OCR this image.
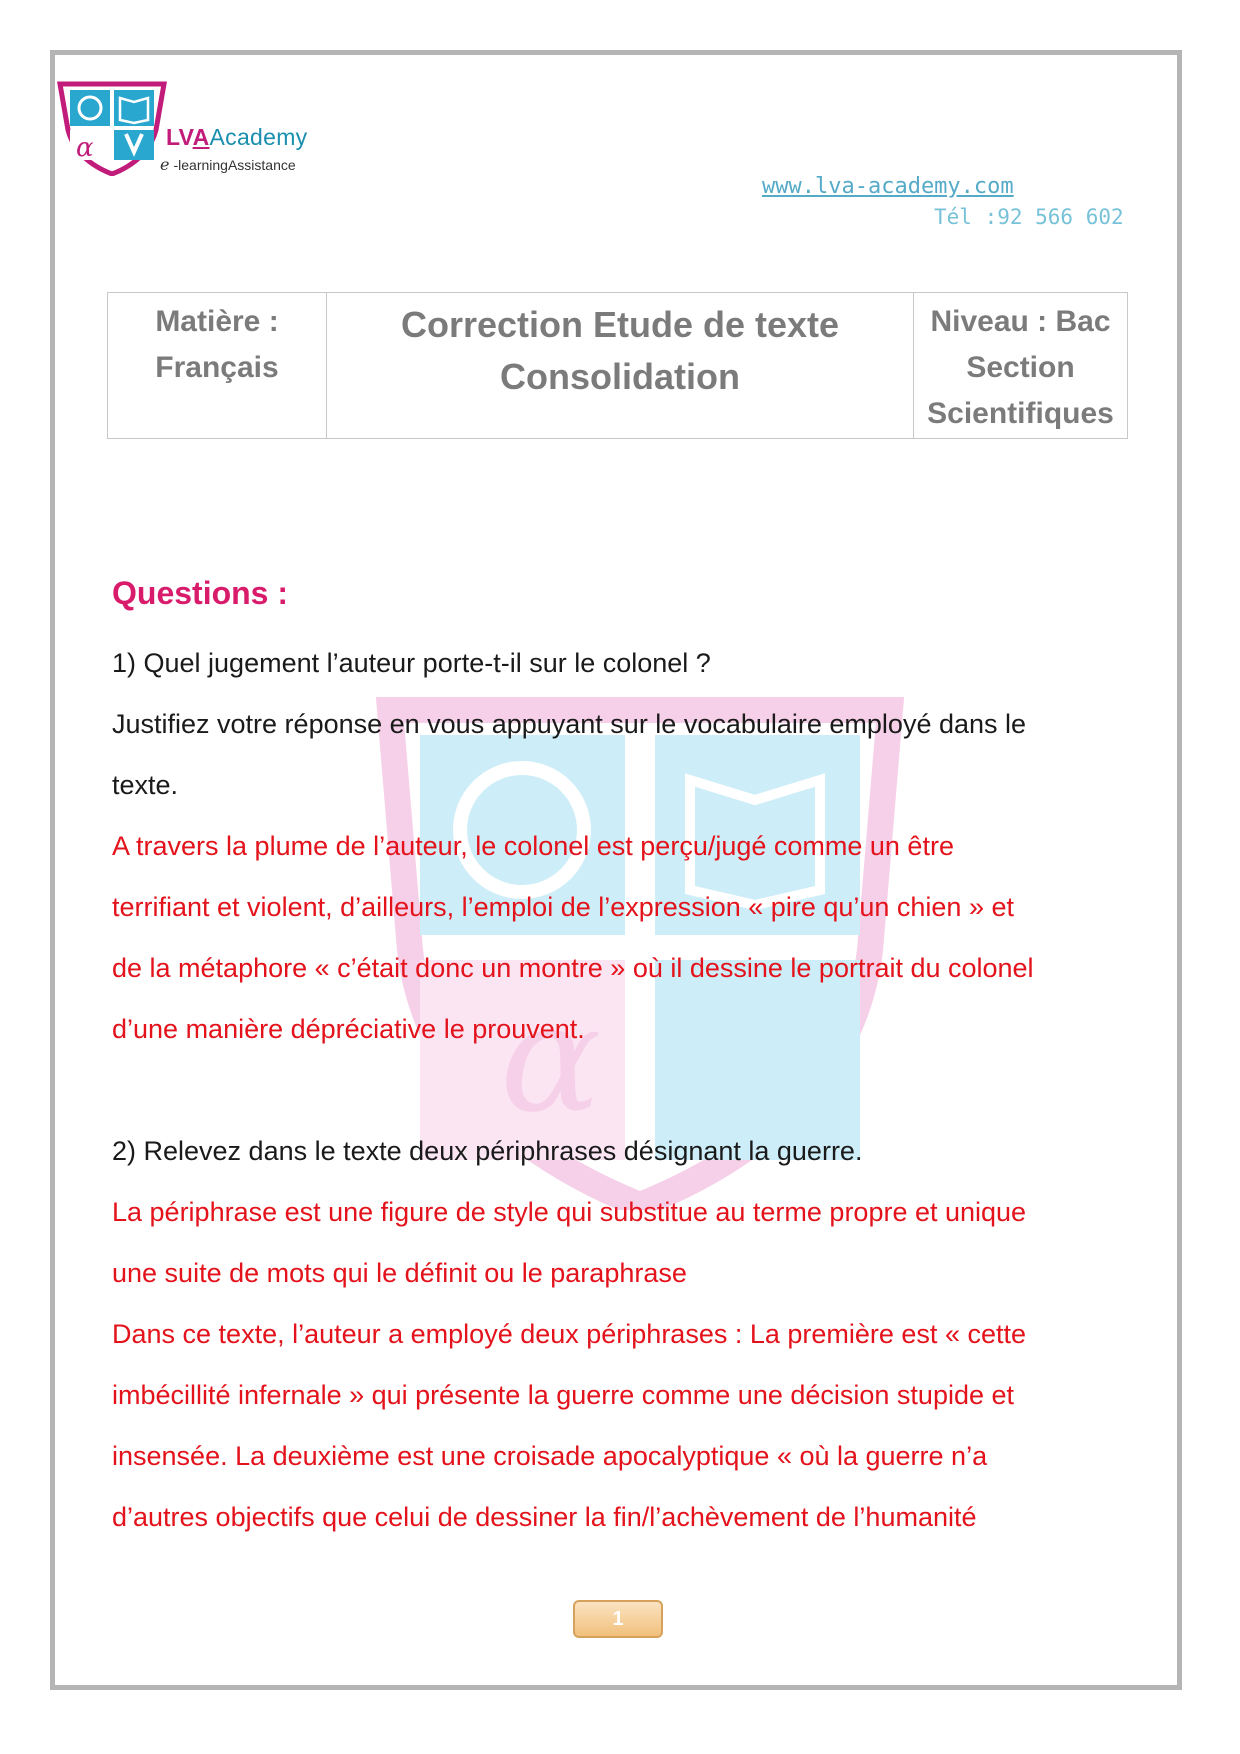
α
α	LVAAcademy
e -learningAssistance
www.lva-academy.com
Tél :92 566 602
Matière :
Français

Correction Etude de texte
Consolidation

Niveau : Bac
Section
Scientifiques
Questions :
1) Quel jugement l’auteur porte-t-il sur le colonel ?
Justifiez votre réponse en vous appuyant sur le vocabulaire employé dans le
texte.
A travers la plume de l’auteur, le colonel est perçu/jugé comme un être
terrifiant et violent, d’ailleurs, l’emploi de l’expression « pire qu’un chien » et
de la métaphore « c’était donc un montre » où il dessine le portrait du colonel
d’une manière dépréciative le prouvent.
2) Relevez dans le texte deux périphrases désignant la guerre.
La périphrase est une figure de style qui substitue au terme propre et unique
une suite de mots qui le définit ou le paraphrase
Dans ce texte, l’auteur a employé deux périphrases : La première est « cette
imbécillité infernale » qui présente la guerre comme une décision stupide et
insensée. La deuxième est une croisade apocalyptique « où la guerre n’a
d’autres objectifs que celui de dessiner la fin/l’achèvement de l’humanité
1
